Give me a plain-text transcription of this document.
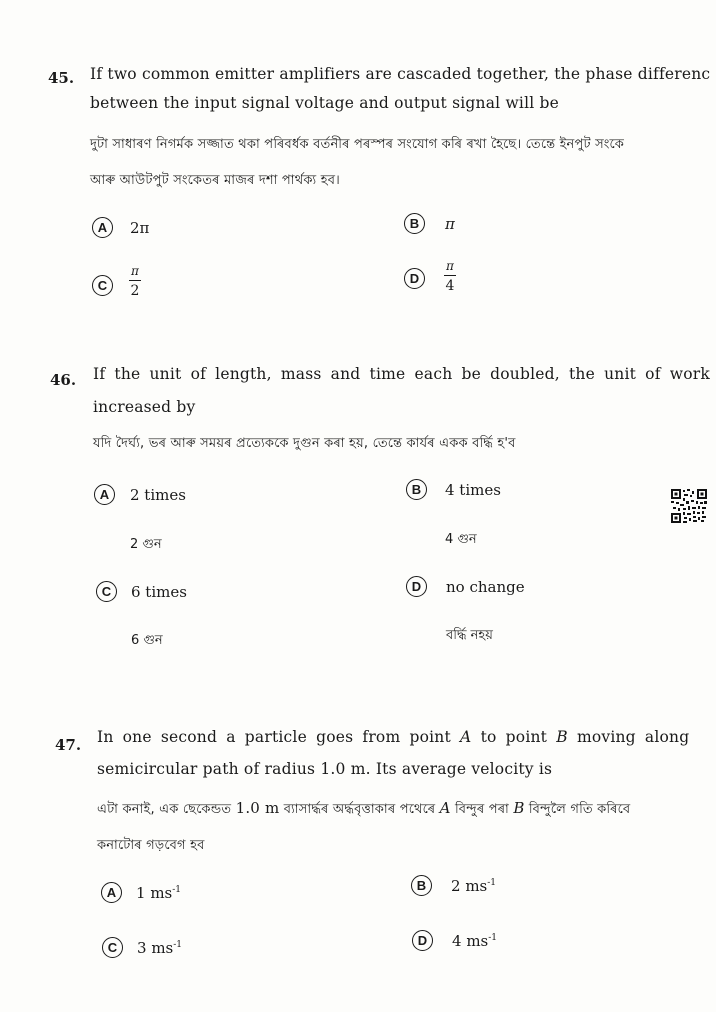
45. If two common emitter amplifiers are cascaded together, the phase differenc
between the input signal voltage and output signal will be
দুটা সাধাৰণ নিগৰ্মক সজ্জাত থকা পৰিবৰ্ধক বৰ্তনীৰ পৰস্পৰ সংযোগ কৰি ৰখা হৈছে। তেন্তে ইনপুট সংকে
আৰু আউটপুট সংকেতৰ মাজৰ দশা পাৰ্থক্য হব।
A	2π	B	π
C
π
2
D
π
4
46. If the unit of length, mass and time each be doubled, the unit of work
increased by
যদি দৈৰ্ঘ্য, ভৰ আৰু সময়ৰ প্ৰত্যেককে দুগুন কৰা হয়, তেন্তে কাৰ্যৰ একক বৰ্দ্ধি হ'ব
A	2 times
2 গুন
B	4 times
4 গুন
C	6 times
6 গুন
D	no change
বৰ্দ্ধি নহয়
47. In one second a particle goes from point A to point B moving along
semicircular path of radius 1.0 m. Its average velocity is
এটা কনাই, এক ছেকেন্ডত 1.0 m ব্যাসাৰ্দ্ধৰ অৰ্দ্ধবৃত্তাকাৰ পথেৰে A বিন্দুৰ পৰা B বিন্দুলৈ গতি কৰিবে
কনাটোৰ গড়বেগ হব
A	1 $ms^{-1}$	B	2 $ms^{-1}$
C	3 $ms^{-1}$	D	4 $ms^{-1}$
